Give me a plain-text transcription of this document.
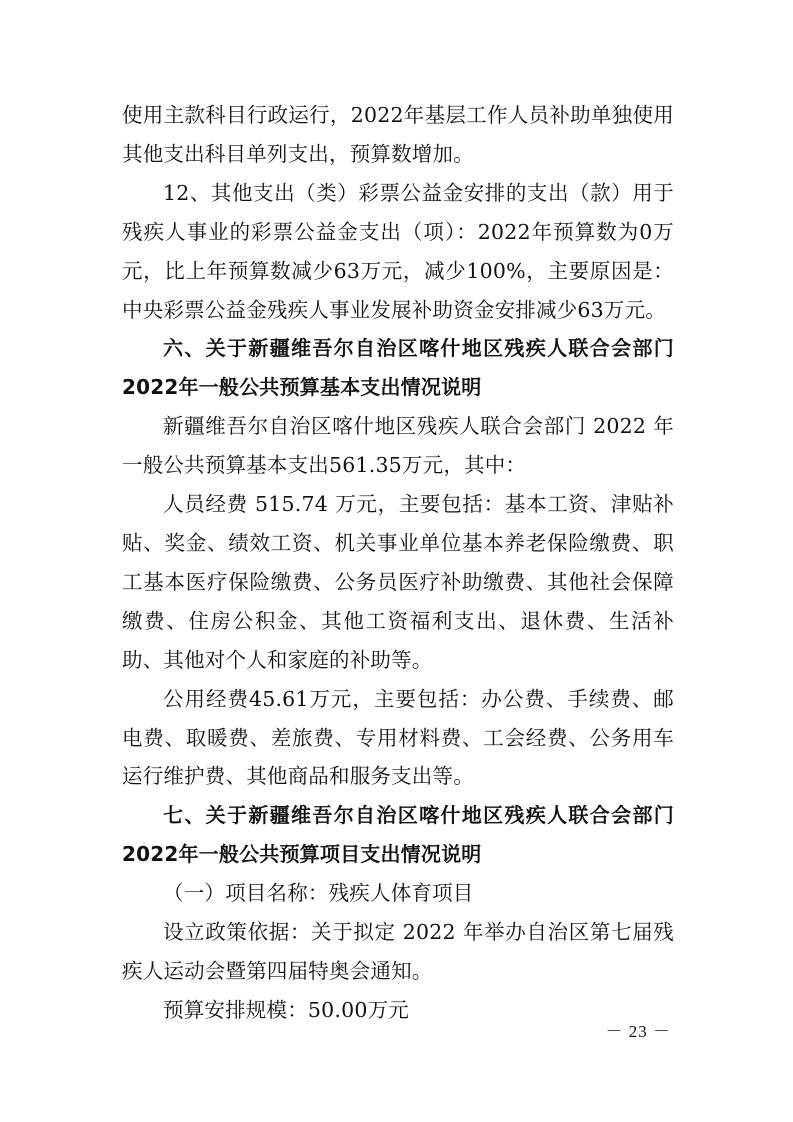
使用主款科目行政运行，2022年基层工作人员补助单独使用其他支出科目单列支出，预算数增加。

12、其他支出（类）彩票公益金安排的支出（款）用于残疾人事业的彩票公益金支出（项）：2022年预算数为0万元，比上年预算数减少63万元，减少100%，主要原因是：中央彩票公益金残疾人事业发展补助资金安排减少63万元。

六、关于新疆维吾尔自治区喀什地区残疾人联合会部门2022年一般公共预算基本支出情况说明

新疆维吾尔自治区喀什地区残疾人联合会部门 2022 年一般公共预算基本支出561.35万元，其中：

人员经费 515.74 万元，主要包括：基本工资、津贴补贴、奖金、绩效工资、机关事业单位基本养老保险缴费、职工基本医疗保险缴费、公务员医疗补助缴费、其他社会保障缴费、住房公积金、其他工资福利支出、退休费、生活补助、其他对个人和家庭的补助等。

公用经费45.61万元，主要包括：办公费、手续费、邮电费、取暖费、差旅费、专用材料费、工会经费、公务用车运行维护费、其他商品和服务支出等。

七、关于新疆维吾尔自治区喀什地区残疾人联合会部门2022年一般公共预算项目支出情况说明

（一）项目名称：残疾人体育项目

设立政策依据：关于拟定 2022 年举办自治区第七届残疾人运动会暨第四届特奥会通知。

预算安排规模：50.00万元

－ 23 －
